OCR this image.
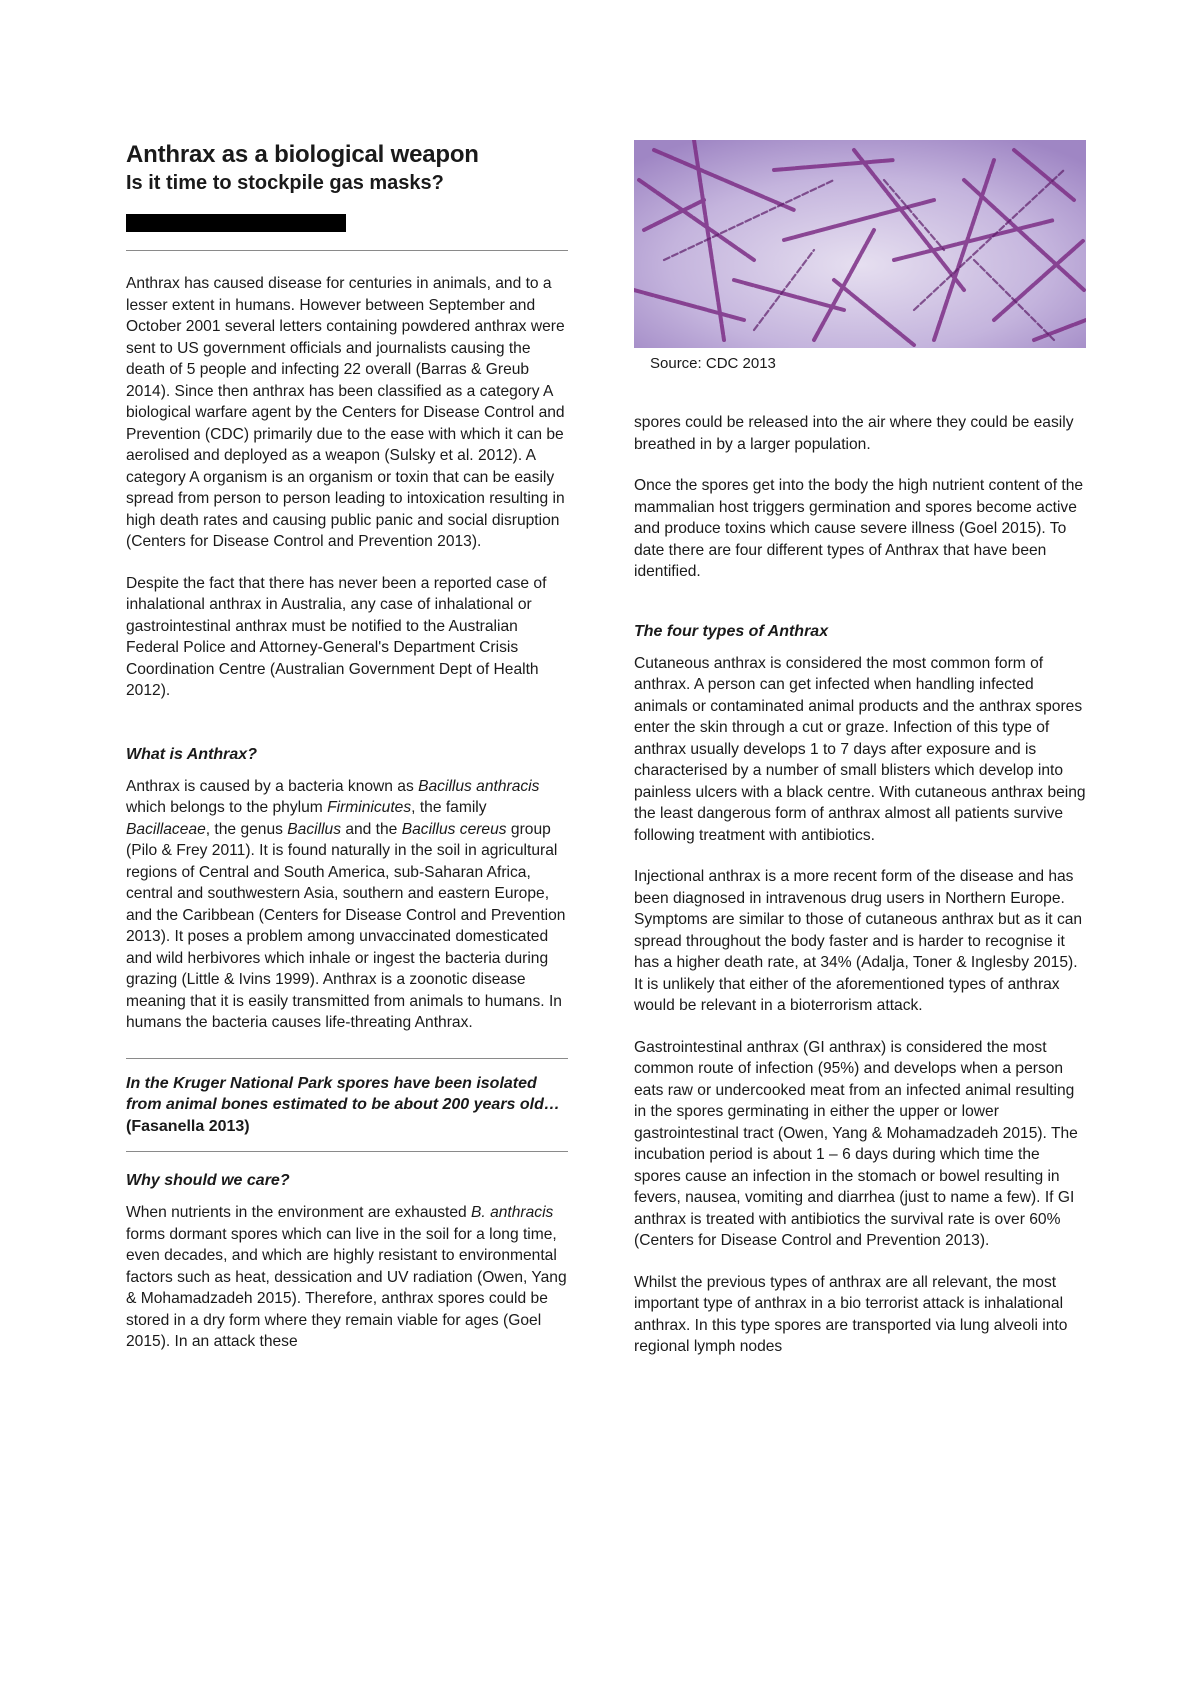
Anthrax as a biological weapon
Is it time to stockpile gas masks?

Anthrax has caused disease for centuries in animals, and to a lesser extent in humans. However between September and October 2001 several letters containing powdered anthrax were sent to US government officials and journalists causing the death of 5 people and infecting 22 overall (Barras & Greub 2014). Since then anthrax has been classified as a category A biological warfare agent by the Centers for Disease Control and Prevention (CDC) primarily due to the ease with which it can be aerolised and deployed as a weapon (Sulsky et al. 2012). A category A organism is an organism or toxin that can be easily spread from person to person leading to intoxication resulting in high death rates and causing public panic and social disruption (Centers for Disease Control and Prevention 2013).

Despite the fact that there has never been a reported case of inhalational anthrax in Australia, any case of inhalational or gastrointestinal anthrax must be notified to the Australian Federal Police and Attorney-General's Department Crisis Coordination Centre (Australian Government Dept of Health 2012).

What is Anthrax?

Anthrax is caused by a bacteria known as Bacillus anthracis which belongs to the phylum Firminicutes, the family Bacillaceae, the genus Bacillus and the Bacillus cereus group (Pilo & Frey 2011). It is found naturally in the soil in agricultural regions of Central and South America, sub-Saharan Africa, central and southwestern Asia, southern and eastern Europe, and the Caribbean (Centers for Disease Control and Prevention 2013). It poses a problem among unvaccinated domesticated and wild herbivores which inhale or ingest the bacteria during grazing (Little & Ivins 1999). Anthrax is a zoonotic disease meaning that it is easily transmitted from animals to humans. In humans the bacteria causes life-threating Anthrax.

In the Kruger National Park spores have been isolated from animal bones estimated to be about 200 years old… (Fasanella 2013)

Why should we care?

When nutrients in the environment are exhausted B. anthracis forms dormant spores which can live in the soil for a long time, even decades, and which are highly resistant to environmental factors such as heat, dessication and UV radiation (Owen, Yang & Mohamadzadeh 2015). Therefore, anthrax spores could be stored in a dry form where they remain viable for ages (Goel 2015). In an attack these

Source: CDC 2013

spores could be released into the air where they could be easily breathed in by a larger population.

Once the spores get into the body the high nutrient content of the mammalian host triggers germination and spores become active and produce toxins which cause severe illness (Goel 2015). To date there are four different types of Anthrax that have been identified.

The four types of Anthrax

Cutaneous anthrax is considered the most common form of anthrax. A person can get infected when handling infected animals or contaminated animal products and the anthrax spores enter the skin through a cut or graze. Infection of this type of anthrax usually develops 1 to 7 days after exposure and is characterised by a number of small blisters which develop into painless ulcers with a black centre. With cutaneous anthrax being the least dangerous form of anthrax almost all patients survive following treatment with antibiotics.

Injectional anthrax is a more recent form of the disease and has been diagnosed in intravenous drug users in Northern Europe. Symptoms are similar to those of cutaneous anthrax but as it can spread throughout the body faster and is harder to recognise it has a higher death rate, at 34% (Adalja, Toner & Inglesby 2015). It is unlikely that either of the aforementioned types of anthrax would be relevant in a bioterrorism attack.

Gastrointestinal anthrax (GI anthrax) is considered the most common route of infection (95%) and develops when a person eats raw or undercooked meat from an infected animal resulting in the spores germinating in either the upper or lower gastrointestinal tract (Owen, Yang & Mohamadzadeh 2015). The incubation period is about 1 – 6 days during which time the spores cause an infection in the stomach or bowel resulting in fevers, nausea, vomiting and diarrhea (just to name a few). If GI anthrax is treated with antibiotics the survival rate is over 60% (Centers for Disease Control and Prevention 2013).

Whilst the previous types of anthrax are all relevant, the most important type of anthrax in a bio terrorist attack is inhalational anthrax. In this type spores are transported via lung alveoli into regional lymph nodes
